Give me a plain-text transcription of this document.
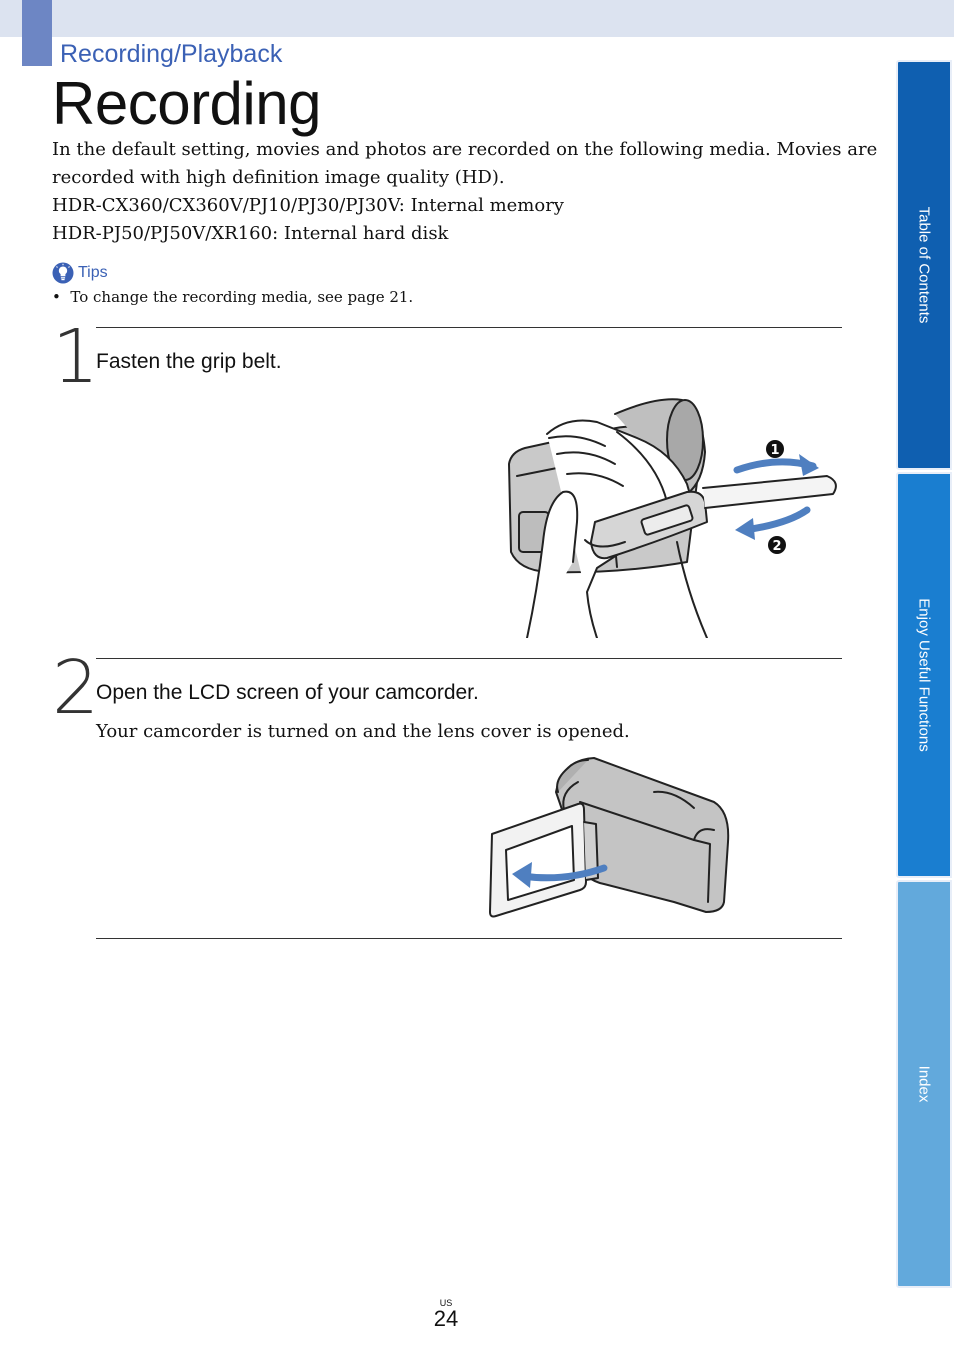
Recording/Playback
Recording
In the default setting, movies and photos are recorded on the following media. Movies are
recorded with high definition image quality (HD).
HDR-CX360/CX360V/PJ10/PJ30/PJ30V: Internal memory
HDR-PJ50/PJ50V/XR160: Internal hard disk
Tips
•  To change the recording media, see page 21.
1
Fasten the grip belt.
1
2
2
Open the LCD screen of your camcorder.
Your camcorder is turned on and the lens cover is opened.
Table of Contents
Enjoy Useful Functions
Index
US
24
